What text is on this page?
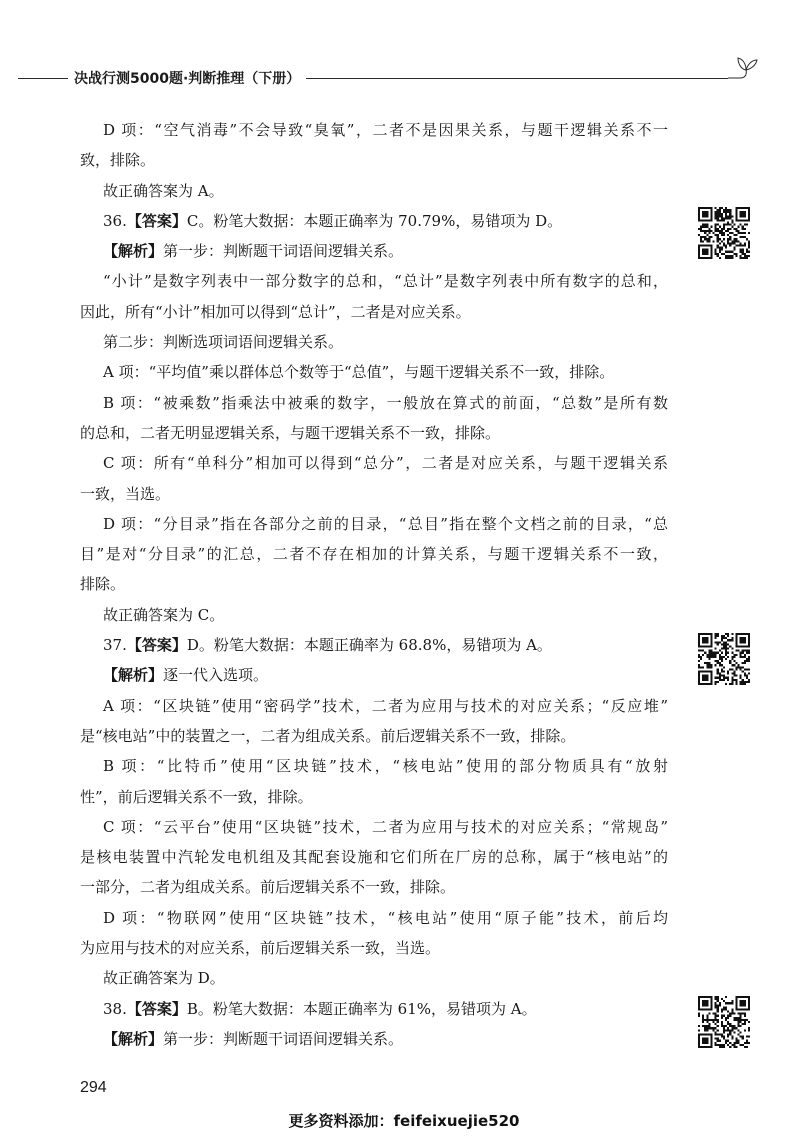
决战行测5000题·判断推理（下册）
D 项：“空气消毒”不会导致“臭氧”，二者不是因果关系，与题干逻辑关系不一
致，排除。
故正确答案为 A。
36.【答案】C。粉笔大数据：本题正确率为 70.79%，易错项为 D。
【解析】第一步：判断题干词语间逻辑关系。
“小计”是数字列表中一部分数字的总和，“总计”是数字列表中所有数字的总和，
因此，所有“小计”相加可以得到“总计”，二者是对应关系。
第二步：判断选项词语间逻辑关系。
A 项：“平均值”乘以群体总个数等于“总值”，与题干逻辑关系不一致，排除。
B 项：“被乘数”指乘法中被乘的数字，一般放在算式的前面，“总数”是所有数
的总和，二者无明显逻辑关系，与题干逻辑关系不一致，排除。
C 项：所有“单科分”相加可以得到“总分”，二者是对应关系，与题干逻辑关系
一致，当选。
D 项：“分目录”指在各部分之前的目录，“总目”指在整个文档之前的目录，“总
目”是对“分目录”的汇总，二者不存在相加的计算关系，与题干逻辑关系不一致，
排除。
故正确答案为 C。
37.【答案】D。粉笔大数据：本题正确率为 68.8%，易错项为 A。
【解析】逐一代入选项。
A 项：“区块链”使用“密码学”技术，二者为应用与技术的对应关系；“反应堆”
是“核电站”中的装置之一，二者为组成关系。前后逻辑关系不一致，排除。
B 项：“比特币”使用“区块链”技术，“核电站”使用的部分物质具有“放射
性”，前后逻辑关系不一致，排除。
C 项：“云平台”使用“区块链”技术，二者为应用与技术的对应关系；“常规岛”
是核电装置中汽轮发电机组及其配套设施和它们所在厂房的总称，属于“核电站”的
一部分，二者为组成关系。前后逻辑关系不一致，排除。
D 项：“物联网”使用“区块链”技术，“核电站”使用“原子能”技术，前后均
为应用与技术的对应关系，前后逻辑关系一致，当选。
故正确答案为 D。
38.【答案】B。粉笔大数据：本题正确率为 61%，易错项为 A。
【解析】第一步：判断题干词语间逻辑关系。
294
更多资料添加：feifeixuejie520
